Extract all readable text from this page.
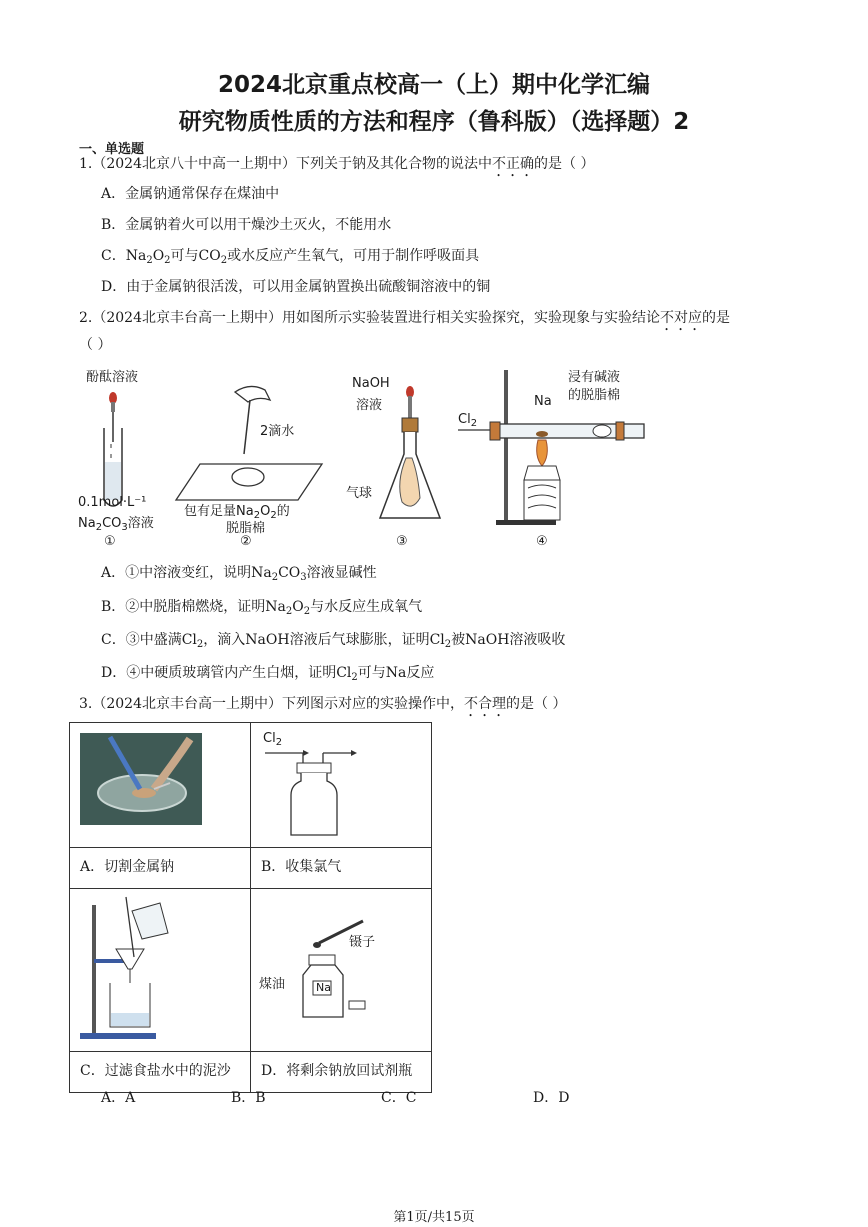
2024北京重点校高一（上）期中化学汇编
研究物质性质的方法和程序（鲁科版）（选择题）2
一、单选题
1.（2024北京八十中高一上期中）下列关于钠及其化合物的说法中不正确的是（ ）
A．金属钠通常保存在煤油中
B．金属钠着火可以用干燥沙土灭火，不能用水
C．$Na_2O_2$可与$CO_2$或水反应产生氧气，可用于制作呼吸面具
D．由于金属钠很活泼，可以用金属钠置换出硫酸铜溶液中的铜
2.（2024北京丰台高一上期中）用如图所示实验装置进行相关实验探究，实验现象与实验结论不对应的是
（ ）
酚酞溶液
0.1mol·L⁻¹
$Na_2CO_3$溶液
①
2滴水
包有足量$Na_2O_2$的
脱脂棉
②
NaOH
溶液
气球
③
$Cl_2$
Na
浸有碱液
的脱脂棉
④
A．①中溶液变红，说明$Na_2CO_3$溶液显碱性
B．②中脱脂棉燃烧，证明$Na_2O_2$与水反应生成氧气
C．③中盛满$Cl_2$，滴入NaOH溶液后气球膨胀，证明$Cl_2$被NaOH溶液吸收
D．④中硬质玻璃管内产生白烟，证明$Cl_2$可与Na反应
3.（2024北京丰台高一上期中）下列图示对应的实验操作中，不合理的是（ ）

$Cl_2$

A．切割金属钠	B．收集氯气

镊子
煤油 Na

C．过滤食盐水中的泥沙	D．将剩余钠放回试剂瓶
A．A	B．B	C．C	D．D
第1页/共15页
